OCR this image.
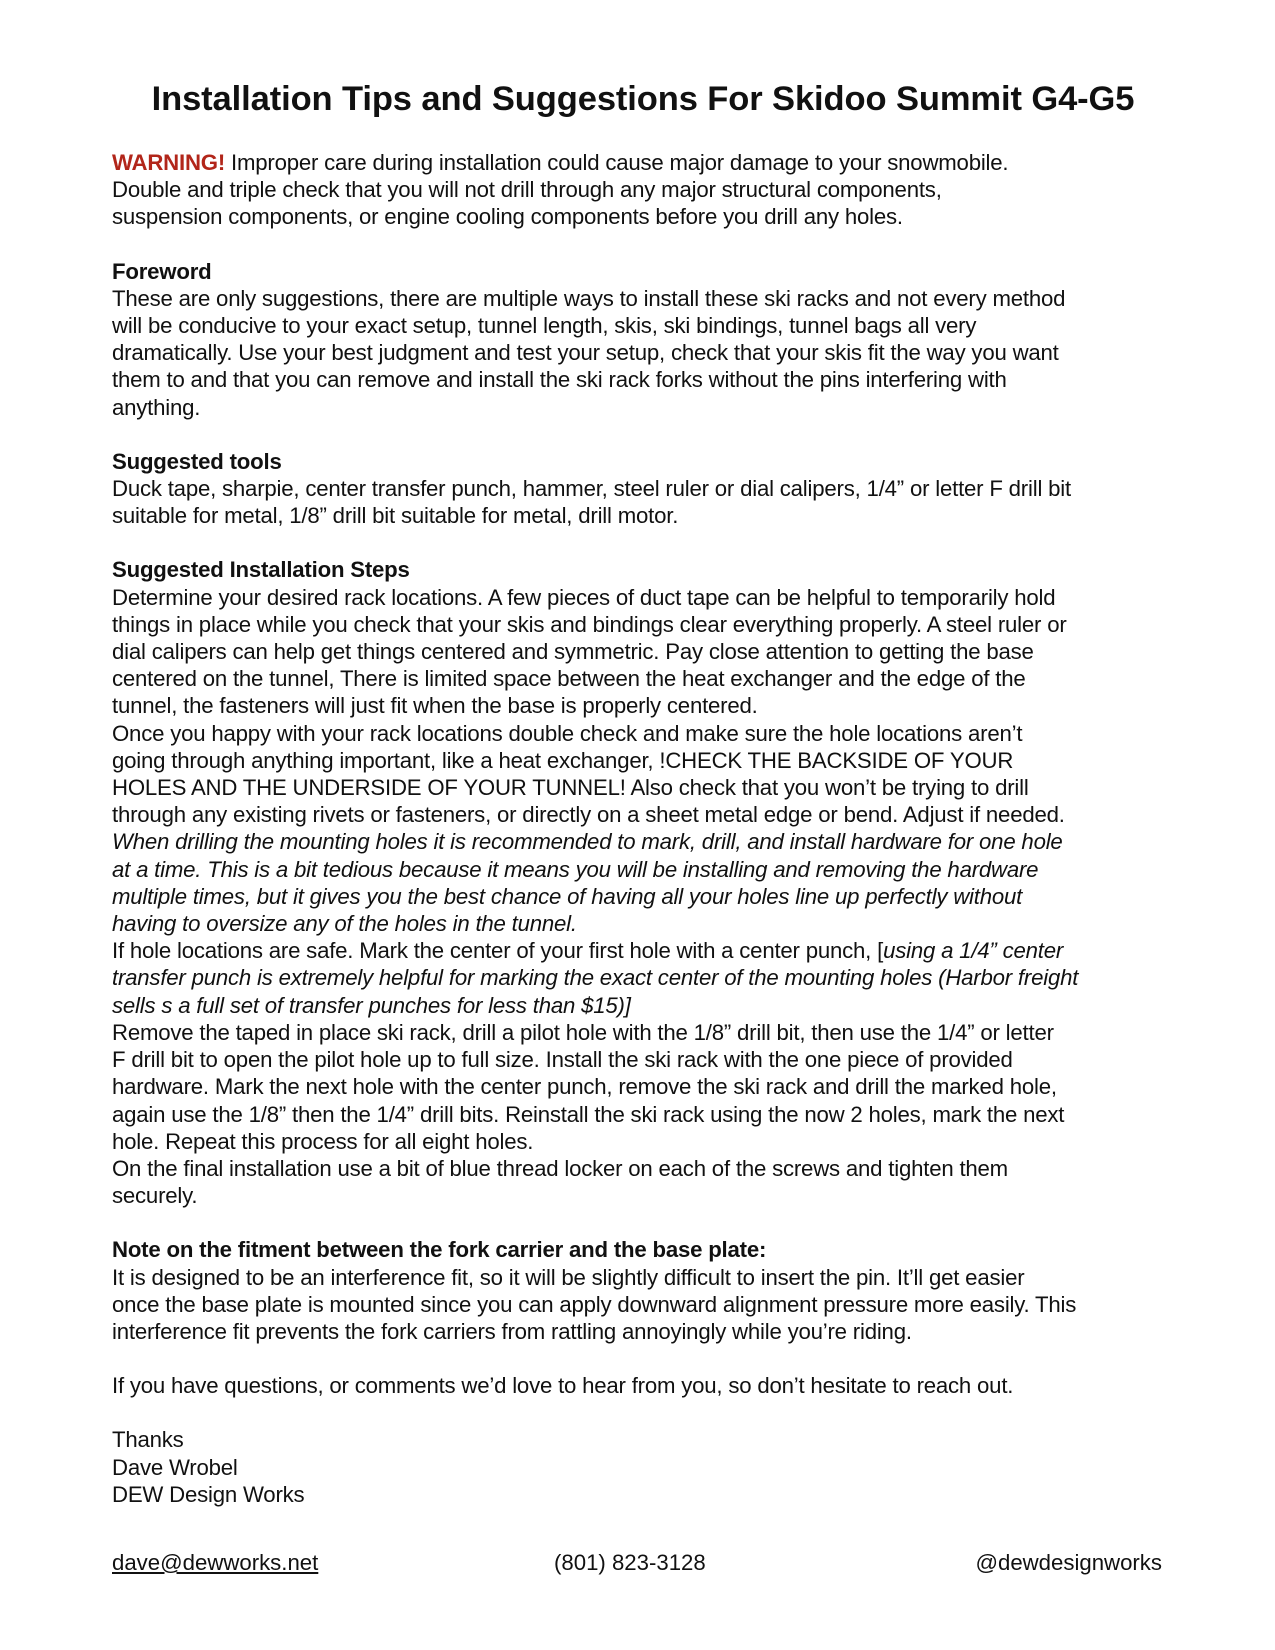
Installation Tips and Suggestions For Skidoo Summit G4-G5
WARNING! Improper care during installation could cause major damage to your snowmobile.
Double and triple check that you will not drill through any major structural components,
suspension components, or engine cooling components before you drill any holes.
Foreword
These are only suggestions, there are multiple ways to install these ski racks and not every method
will be conducive to your exact setup, tunnel length, skis, ski bindings, tunnel bags all very
dramatically. Use your best judgment and test your setup, check that your skis fit the way you want
them to and that you can remove and install the ski rack forks without the pins interfering with
anything.
Suggested tools
Duck tape, sharpie, center transfer punch, hammer, steel ruler or dial calipers, 1/4” or letter F drill bit
suitable for metal, 1/8” drill bit suitable for metal, drill motor.
Suggested Installation Steps
Determine your desired rack locations. A few pieces of duct tape can be helpful to temporarily hold
things in place while you check that your skis and bindings clear everything properly. A steel ruler or
dial calipers can help get things centered and symmetric. Pay close attention to getting the base
centered on the tunnel, There is limited space between the heat exchanger and the edge of the
tunnel, the fasteners will just fit when the base is properly centered.
Once you happy with your rack locations double check and make sure the hole locations aren’t
going through anything important, like a heat exchanger, !CHECK THE BACKSIDE OF YOUR
HOLES AND THE UNDERSIDE OF YOUR TUNNEL! Also check that you won’t be trying to drill
through any existing rivets or fasteners, or directly on a sheet metal edge or bend. Adjust if needed.
When drilling the mounting holes it is recommended to mark, drill, and install hardware for one hole
at a time. This is a bit tedious because it means you will be installing and removing the hardware
multiple times, but it gives you the best chance of having all your holes line up perfectly without
having to oversize any of the holes in the tunnel.
If hole locations are safe. Mark the center of your first hole with a center punch, [using a 1/4” center
transfer punch is extremely helpful for marking the exact center of the mounting holes (Harbor freight
sells s a full set of transfer punches for less than $15)]
Remove the taped in place ski rack, drill a pilot hole with the 1/8” drill bit, then use the 1/4” or letter
F drill bit to open the pilot hole up to full size. Install the ski rack with the one piece of provided
hardware. Mark the next hole with the center punch, remove the ski rack and drill the marked hole,
again use the 1/8” then the 1/4” drill bits. Reinstall the ski rack using the now 2 holes, mark the next
hole. Repeat this process for all eight holes.
On the final installation use a bit of blue thread locker on each of the screws and tighten them
securely.
Note on the fitment between the fork carrier and the base plate:
It is designed to be an interference fit, so it will be slightly difficult to insert the pin. It’ll get easier
once the base plate is mounted since you can apply downward alignment pressure more easily. This
interference fit prevents the fork carriers from rattling annoyingly while you’re riding.
If you have questions, or comments we’d love to hear from you, so don’t hesitate to reach out.
Thanks
Dave Wrobel
DEW Design Works
dave@dewworks.net	(801) 823-3128	@dewdesignworks
